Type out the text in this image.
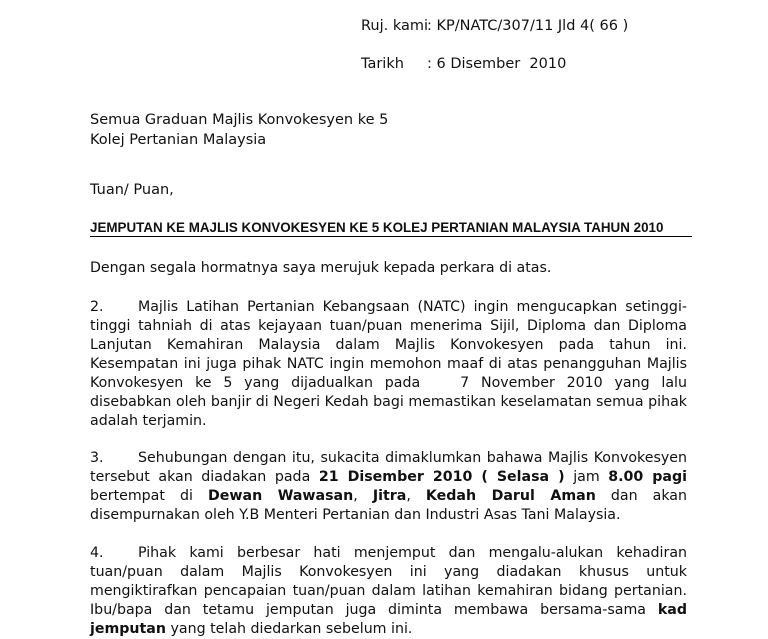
Ruj. kami: KP/NATC/307/11 Jld 4( 66 )
Tarikh : 6 Disember  2010
Semua Graduan Majlis Konvokesyen ke 5
Kolej Pertanian Malaysia
Tuan/ Puan,
JEMPUTAN KE MAJLIS KONVOKESYEN KE 5 KOLEJ PERTANIAN MALAYSIA TAHUN 2010
Dengan segala hormatnya saya merujuk kepada perkara di atas.
2. Majlis Latihan Pertanian Kebangsaan (NATC) ingin mengucapkan setinggi-tinggi tahniah di atas kejayaan tuan/puan menerima Sijil, Diploma dan Diploma Lanjutan Kemahiran Malaysia dalam Majlis Konvokesyen pada tahun ini. Kesempatan ini juga pihak NATC ingin memohon maaf di atas penangguhan Majlis Konvokesyen ke 5 yang dijadualkan pada	7 November 2010 yang lalu disebabkan oleh banjir di Negeri Kedah bagi memastikan keselamatan semua pihak adalah terjamin.
3. Sehubungan dengan itu, sukacita dimaklumkan bahawa Majlis Konvokesyen tersebut akan diadakan pada 21 Disember 2010 ( Selasa ) jam 8.00 pagi bertempat di Dewan Wawasan, Jitra, Kedah Darul Aman dan akan disempurnakan oleh Y.B Menteri Pertanian dan Industri Asas Tani Malaysia.
4. Pihak kami berbesar hati menjemput dan mengalu-alukan kehadiran tuan/puan dalam Majlis Konvokesyen ini yang diadakan khusus untuk mengiktirafkan pencapaian tuan/puan dalam latihan kemahiran bidang pertanian. Ibu/bapa dan tetamu jemputan juga diminta membawa bersama-sama kad jemputan yang telah diedarkan sebelum ini.
